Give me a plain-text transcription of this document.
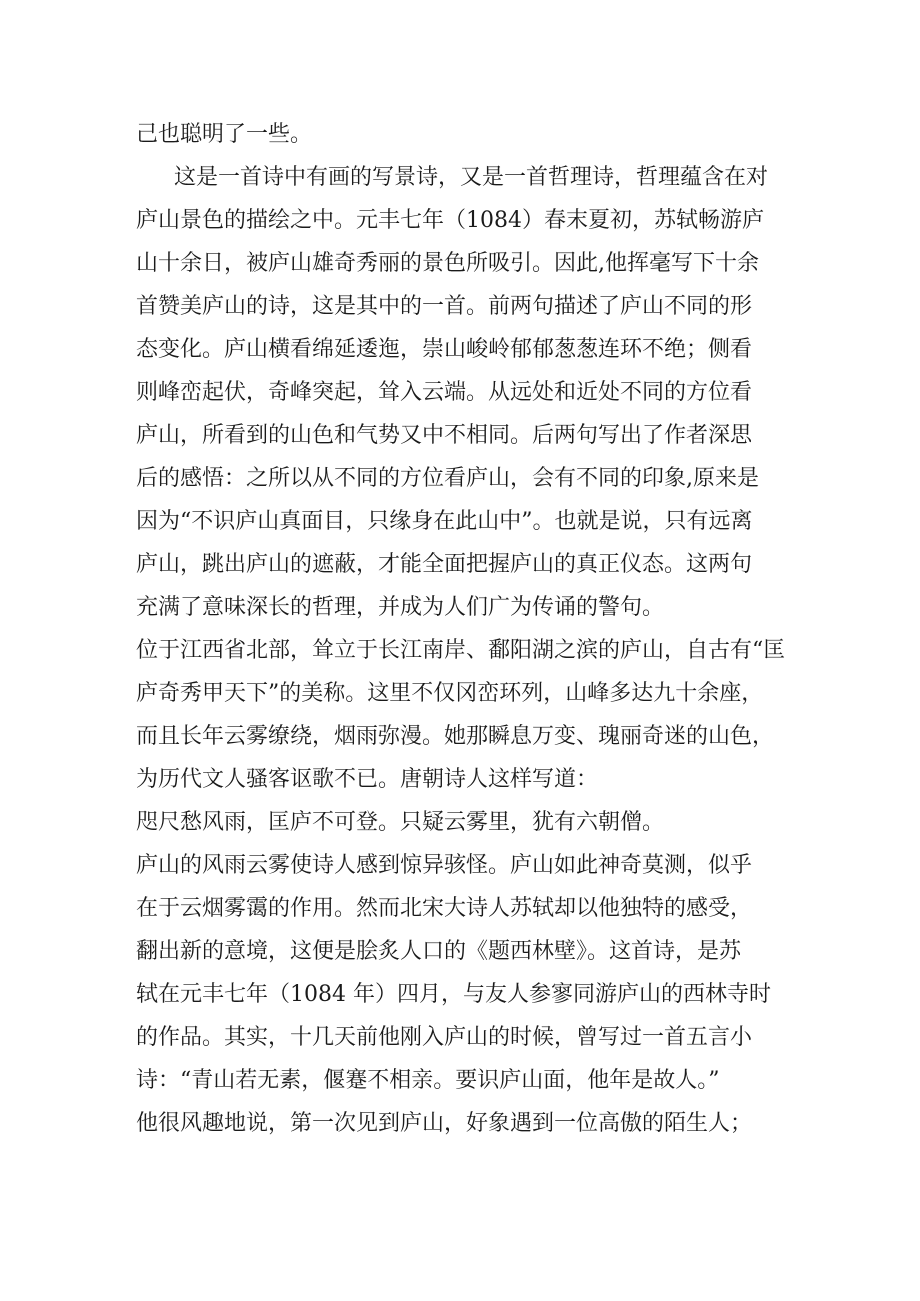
己也聪明了一些。
这是一首诗中有画的写景诗，又是一首哲理诗，哲理蕴含在对
庐山景色的描绘之中。元丰七年（1084）春末夏初，苏轼畅游庐
山十余日，被庐山雄奇秀丽的景色所吸引。因此,他挥毫写下十余
首赞美庐山的诗，这是其中的一首。前两句描述了庐山不同的形
态变化。庐山横看绵延逶迤，崇山峻岭郁郁葱葱连环不绝；侧看
则峰峦起伏，奇峰突起，耸入云端。从远处和近处不同的方位看
庐山，所看到的山色和气势又中不相同。后两句写出了作者深思
后的感悟：之所以从不同的方位看庐山，会有不同的印象,原来是
因为“不识庐山真面目，只缘身在此山中”。也就是说，只有远离
庐山，跳出庐山的遮蔽，才能全面把握庐山的真正仪态。这两句
充满了意味深长的哲理，并成为人们广为传诵的警句。
位于江西省北部，耸立于长江南岸、鄱阳湖之滨的庐山，自古有“匡
庐奇秀甲天下”的美称。这里不仅冈峦环列，山峰多达九十余座，
而且长年云雾缭绕，烟雨弥漫。她那瞬息万变、瑰丽奇迷的山色，
为历代文人骚客讴歌不已。唐朝诗人这样写道：
咫尺愁风雨，匡庐不可登。只疑云雾里，犹有六朝僧。
庐山的风雨云雾使诗人感到惊异骇怪。庐山如此神奇莫测，似乎
在于云烟雾霭的作用。然而北宋大诗人苏轼却以他独特的感受，
翻出新的意境，这便是脍炙人口的《题西林壁》。这首诗，是苏
轼在元丰七年（1084 年）四月，与友人参寥同游庐山的西林寺时
的作品。其实，十几天前他刚入庐山的时候，曾写过一首五言小
诗：“青山若无素，偃蹇不相亲。要识庐山面，他年是故人。”
他很风趣地说，第一次见到庐山，好象遇到一位高傲的陌生人；
